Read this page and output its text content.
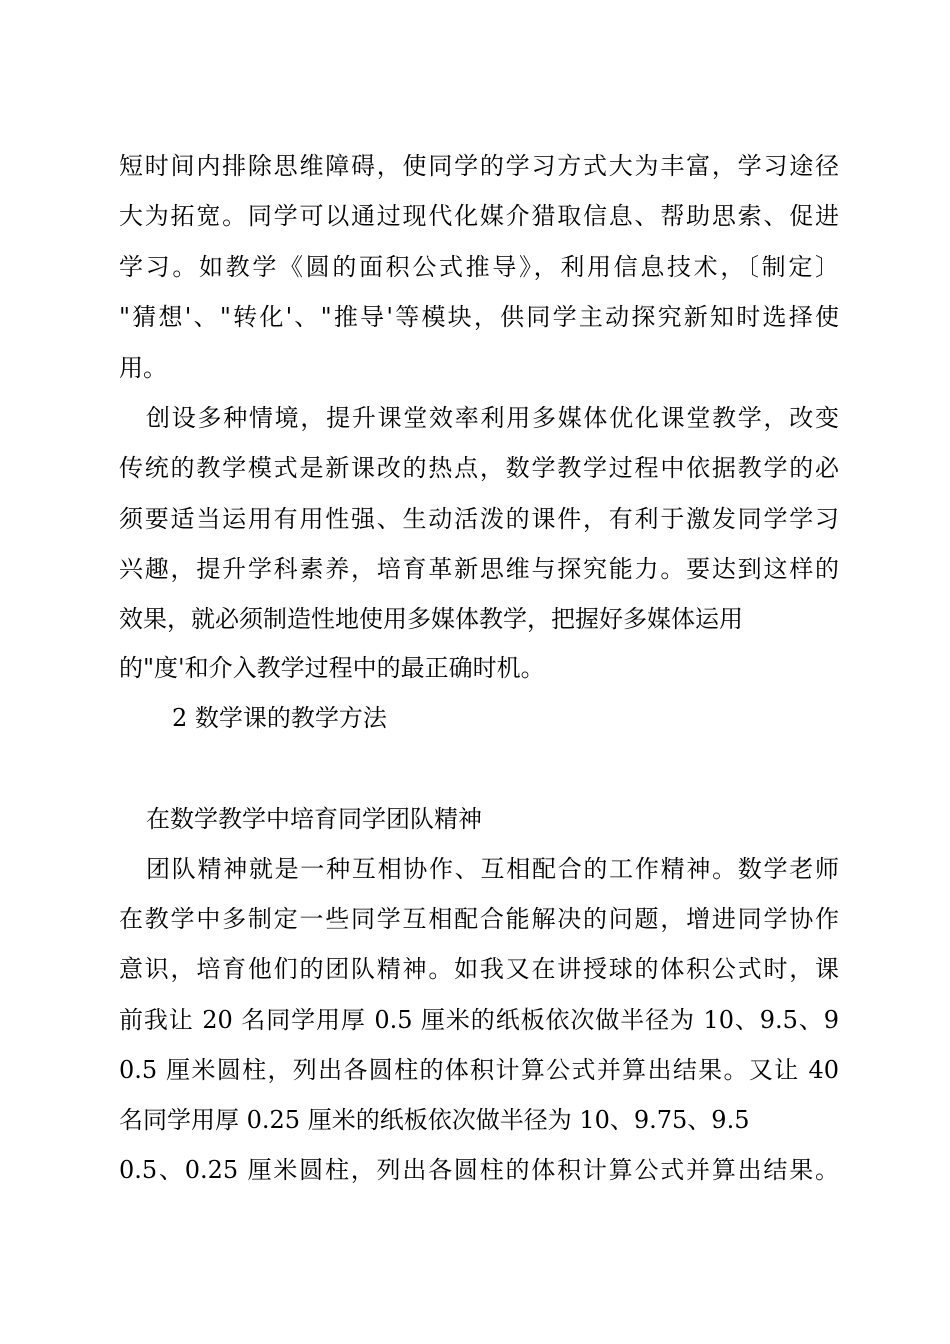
短时间内排除思维障碍，使同学的学习方式大为丰富，学习途径
大为拓宽。同学可以通过现代化媒介猎取信息、帮助思索、促进
学习。如教学《圆的面积公式推导》，利用信息技术，〔制定〕
"猜想'、"转化'、"推导'等模块，供同学主动探究新知时选择使
用。
创设多种情境，提升课堂效率利用多媒体优化课堂教学，改变
传统的教学模式是新课改的热点，数学教学过程中依据教学的必
须要适当运用有用性强、生动活泼的课件，有利于激发同学学习
兴趣，提升学科素养，培育革新思维与探究能力。要达到这样的
效果，就必须制造性地使用多媒体教学，把握好多媒体运用
的"度'和介入教学过程中的最正确时机。
2 数学课的教学方法
在数学教学中培育同学团队精神
团队精神就是一种互相协作、互相配合的工作精神。数学老师
在教学中多制定一些同学互相配合能解决的问题，增进同学协作
意识，培育他们的团队精神。如我又在讲授球的体积公式时，课
前我让 20 名同学用厚 0.5 厘米的纸板依次做半径为 10、9.5、9
0.5 厘米圆柱，列出各圆柱的体积计算公式并算出结果。又让 40
名同学用厚 0.25 厘米的纸板依次做半径为 10、9.75、9.5
0.5、0.25 厘米圆柱，列出各圆柱的体积计算公式并算出结果。
